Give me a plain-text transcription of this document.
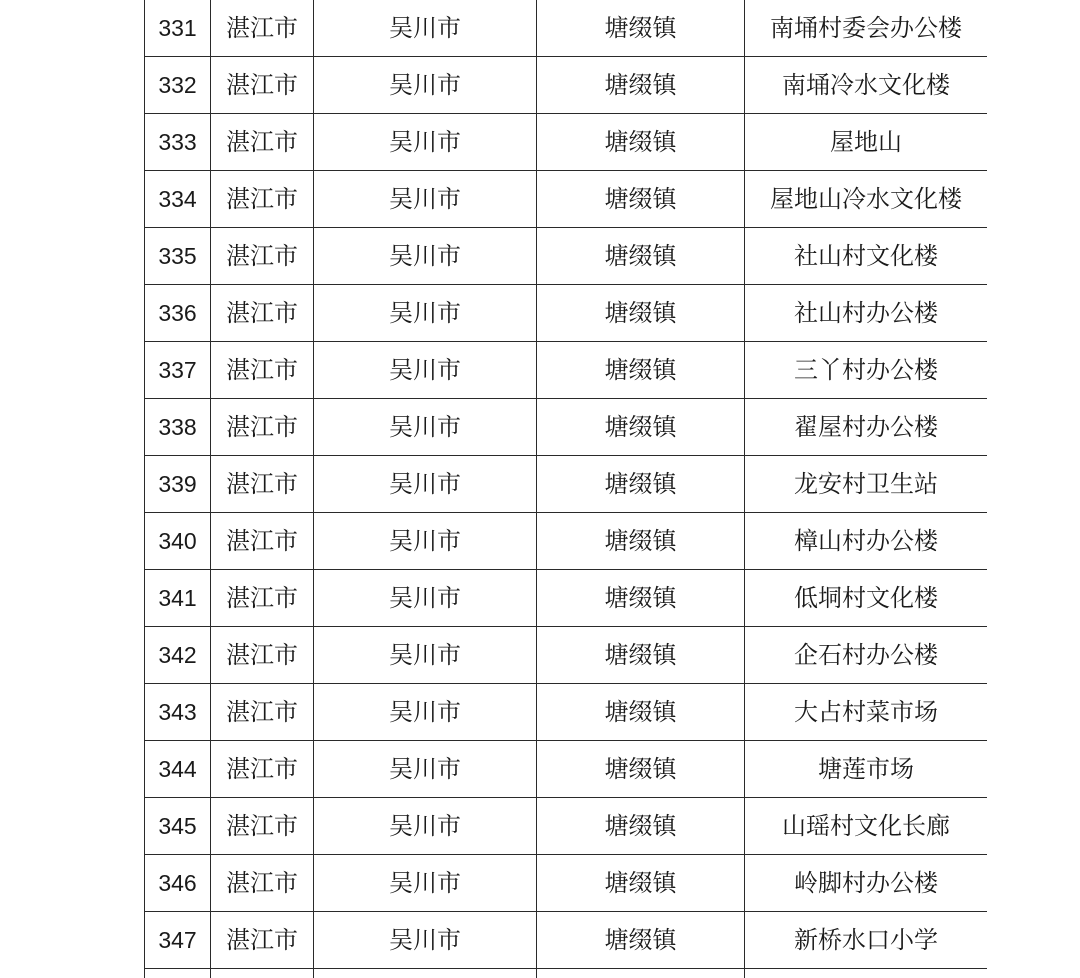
331	湛江市	吴川市	塘缀镇	南埇村委会办公楼
332	湛江市	吴川市	塘缀镇	南埇冷水文化楼
333	湛江市	吴川市	塘缀镇	屋地山
334	湛江市	吴川市	塘缀镇	屋地山冷水文化楼
335	湛江市	吴川市	塘缀镇	社山村文化楼
336	湛江市	吴川市	塘缀镇	社山村办公楼
337	湛江市	吴川市	塘缀镇	三丫村办公楼
338	湛江市	吴川市	塘缀镇	翟屋村办公楼
339	湛江市	吴川市	塘缀镇	龙安村卫生站
340	湛江市	吴川市	塘缀镇	樟山村办公楼
341	湛江市	吴川市	塘缀镇	低垌村文化楼
342	湛江市	吴川市	塘缀镇	企石村办公楼
343	湛江市	吴川市	塘缀镇	大占村菜市场
344	湛江市	吴川市	塘缀镇	塘莲市场
345	湛江市	吴川市	塘缀镇	山瑶村文化长廊
346	湛江市	吴川市	塘缀镇	岭脚村办公楼
347	湛江市	吴川市	塘缀镇	新桥水口小学
